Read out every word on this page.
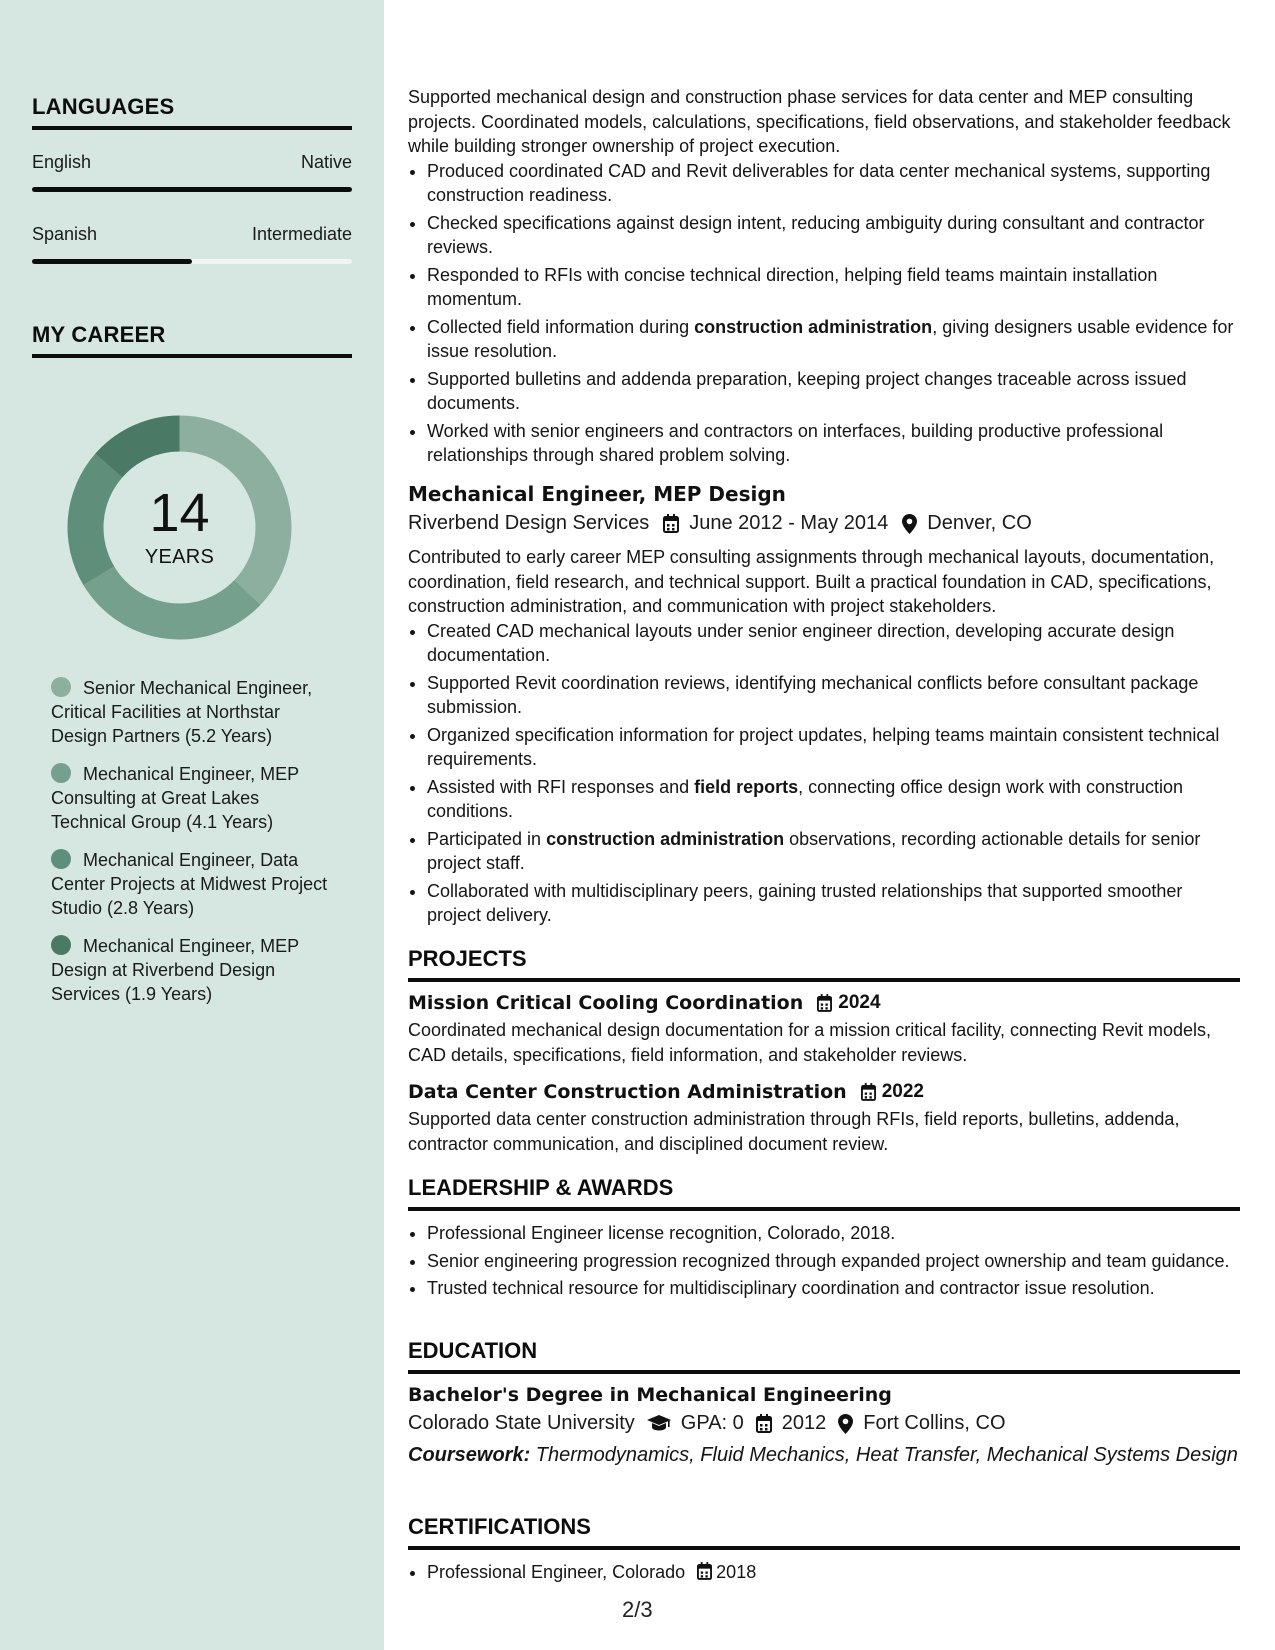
LANGUAGES
English	Native
Spanish	Intermediate
MY CAREER
14
YEARS
Senior Mechanical Engineer, Critical Facilities at Northstar Design Partners (5.2 Years)
Mechanical Engineer, MEP Consulting at Great Lakes Technical Group (4.1 Years)
Mechanical Engineer, Data Center Projects at Midwest Project Studio (2.8 Years)
Mechanical Engineer, MEP Design at Riverbend Design Services (1.9 Years)

Supported mechanical design and construction phase services for data center and MEP consulting projects. Coordinated models, calculations, specifications, field observations, and stakeholder feedback while building stronger ownership of project execution.

• Produced coordinated CAD and Revit deliverables for data center mechanical systems, supporting construction readiness.
• Checked specifications against design intent, reducing ambiguity during consultant and contractor reviews.
• Responded to RFIs with concise technical direction, helping field teams maintain installation momentum.
• Collected field information during construction administration, giving designers usable evidence for issue resolution.
• Supported bulletins and addenda preparation, keeping project changes traceable across issued documents.
• Worked with senior engineers and contractors on interfaces, building productive professional relationships through shared problem solving.
Mechanical Engineer, MEP Design
Riverbend Design Services June 2012 - May 2014 Denver, CO

Contributed to early career MEP consulting assignments through mechanical layouts, documentation, coordination, field research, and technical support. Built a practical foundation in CAD, specifications, construction administration, and communication with project stakeholders.

• Created CAD mechanical layouts under senior engineer direction, developing accurate design documentation.
• Supported Revit coordination reviews, identifying mechanical conflicts before consultant package submission.
• Organized specification information for project updates, helping teams maintain consistent technical requirements.
• Assisted with RFI responses and field reports, connecting office design work with construction conditions.
• Participated in construction administration observations, recording actionable details for senior project staff.
• Collaborated with multidisciplinary peers, gaining trusted relationships that supported smoother project delivery.
PROJECTS
Mission Critical Cooling Coordination 2024

Coordinated mechanical design documentation for a mission critical facility, connecting Revit models, CAD details, specifications, field information, and stakeholder reviews.

Data Center Construction Administration 2022

Supported data center construction administration through RFIs, field reports, bulletins, addenda, contractor communication, and disciplined document review.

LEADERSHIP & AWARDS
• Professional Engineer license recognition, Colorado, 2018.
• Senior engineering progression recognized through expanded project ownership and team guidance.
• Trusted technical resource for multidisciplinary coordination and contractor issue resolution.
EDUCATION
Bachelor's Degree in Mechanical Engineering
Colorado State University GPA: 0 2012 Fort Collins, CO
Coursework: Thermodynamics, Fluid Mechanics, Heat Transfer, Mechanical Systems Design
CERTIFICATIONS
• Professional Engineer, Colorado 2018
2/3
